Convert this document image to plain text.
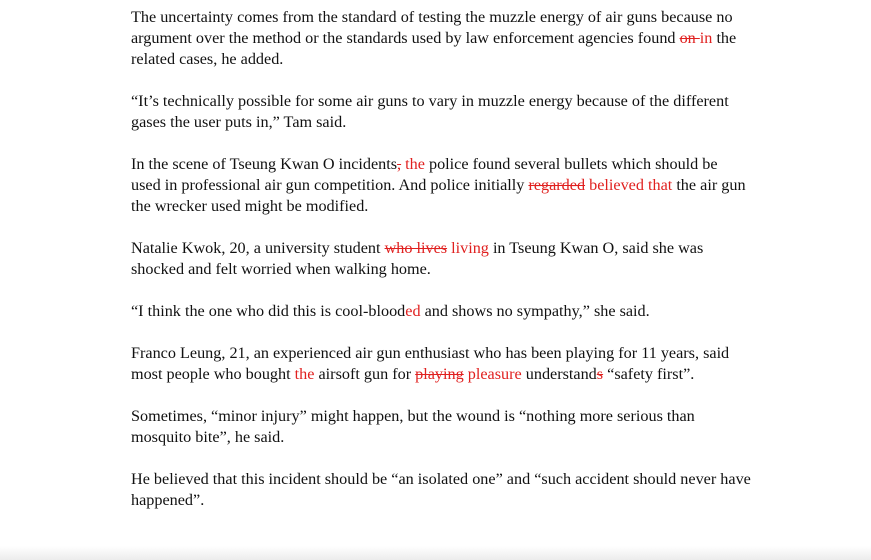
The uncertainty comes from the standard of testing the muzzle energy of air guns because no argument over the method or the standards used by law enforcement agencies found on in the related cases, he added.

“It’s technically possible for some air guns to vary in muzzle energy because of the different gases the user puts in,” Tam said.

In the scene of Tseung Kwan O incidents, the police found several bullets which should be used in professional air gun competition. And police initially regarded believed that the air gun the wrecker used might be modified.

Natalie Kwok, 20, a university student who lives living in Tseung Kwan O, said she was shocked and felt worried when walking home.

“I think the one who did this is cool-blooded and shows no sympathy,” she said.

Franco Leung, 21, an experienced air gun enthusiast who has been playing for 11 years, said most people who bought the airsoft gun for playing pleasure understands “safety first”.

Sometimes, “minor injury” might happen, but the wound is “nothing more serious than mosquito bite”, he said.

He believed that this incident should be “an isolated one” and “such accident should never have happened”.
